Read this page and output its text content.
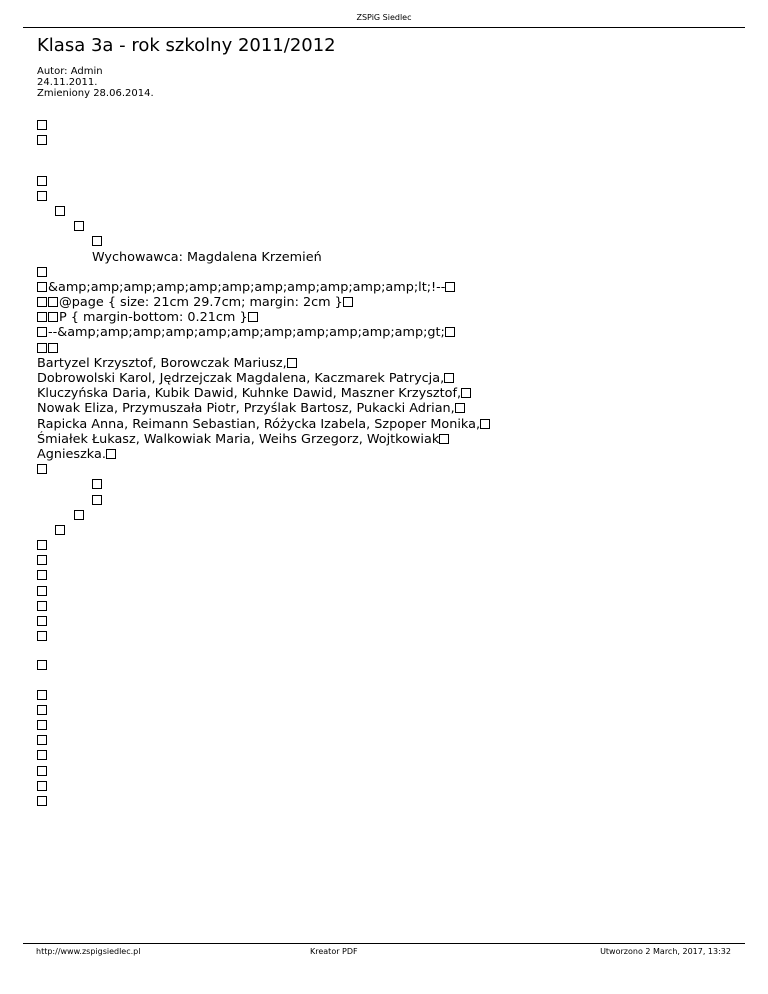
ZSPiG Siedlec
Klasa 3a - rok szkolny 2011/2012
Autor: Admin
24.11.2011.
Zmieniony 28.06.2014.
Wychowawca: Magdalena Krzemień
&amp;amp;amp;amp;amp;amp;amp;amp;amp;amp;amp;lt;!--
@page { size: 21cm 29.7cm; margin: 2cm }
P { margin-bottom: 0.21cm }
--&amp;amp;amp;amp;amp;amp;amp;amp;amp;amp;amp;gt;
Bartyzel Krzysztof, Borowczak Mariusz,
Dobrowolski Karol, Jędrzejczak Magdalena, Kaczmarek Patrycja,
Kluczyńska Daria, Kubik Dawid, Kuhnke Dawid, Maszner Krzysztof,
Nowak Eliza, Przymuszała Piotr, Przyślak Bartosz, Pukacki Adrian,
Rapicka Anna, Reimann Sebastian, Różycka Izabela, Szpoper Monika,
Śmiałek Łukasz, Walkowiak Maria, Weihs Grzegorz, Wojtkowiak
Agnieszka.
http://www.zspigsiedlec.pl	Kreator PDF	Utworzono 2 March, 2017, 13:32
